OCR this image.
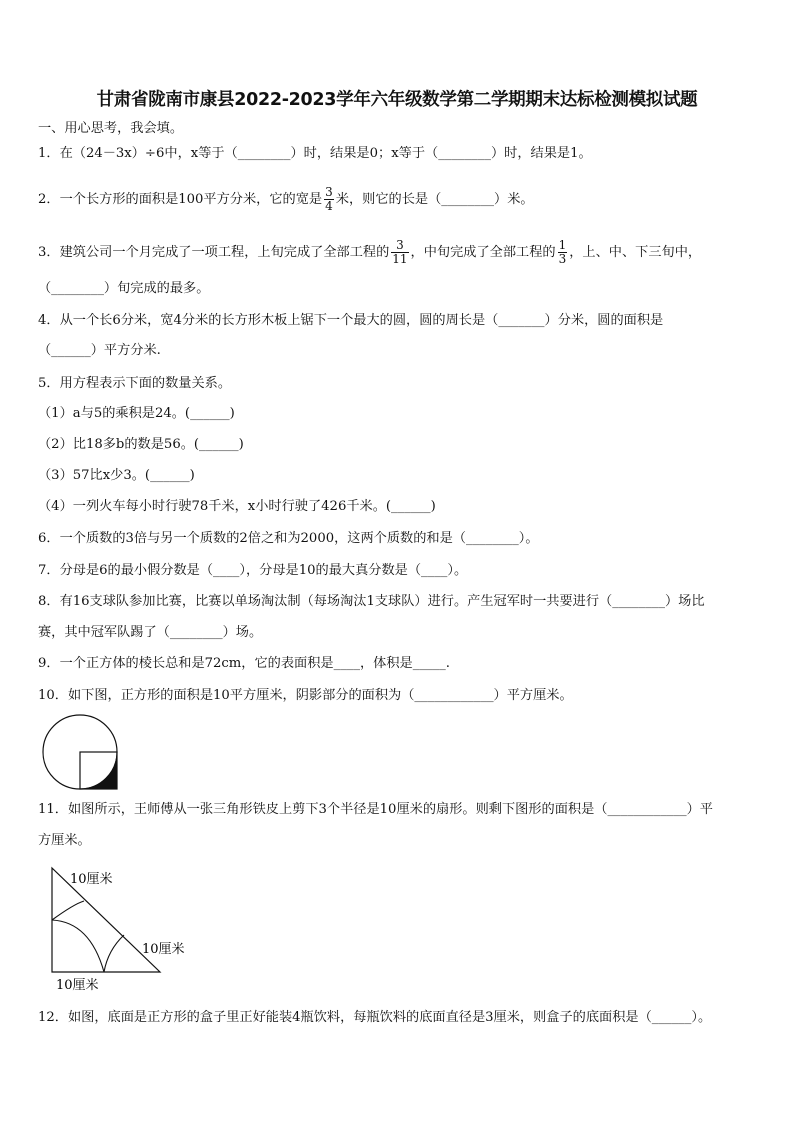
甘肃省陇南市康县2022-2023学年六年级数学第二学期期末达标检测模拟试题
一、用心思考，我会填。
1．在（24－3x）÷6中，x等于（________）时，结果是0；x等于（________）时，结果是1。
2．一个长方形的面积是100平方分米，它的宽是 $\frac{3}{4}$ 米，则它的长是（________）米。
3．建筑公司一个月完成了一项工程，上旬完成了全部工程的 $\frac{3}{11}$ ，中旬完成了全部工程的 $\frac{1}{3}$ ，上、中、下三旬中，
（________）旬完成的最多。
4．从一个长6分米，宽4分米的长方形木板上锯下一个最大的圆，圆的周长是（_______）分米，圆的面积是
（______）平方分米.
5．用方程表示下面的数量关系。
（1）a与5的乘积是24。(______)
（2）比18多b的数是56。(______)
（3）57比x少3。(______)
（4）一列火车每小时行驶78千米，x小时行驶了426千米。(______)
6．一个质数的3倍与另一个质数的2倍之和为2000，这两个质数的和是（________）。
7．分母是6的最小假分数是（____），分母是10的最大真分数是（____）。
8．有16支球队参加比赛，比赛以单场淘汰制（每场淘汰1支球队）进行。产生冠军时一共要进行（________）场比
赛，其中冠军队踢了（________）场。
9．一个正方体的棱长总和是72cm，它的表面积是____，体积是_____.
10．如下图，正方形的面积是10平方厘米，阴影部分的面积为（____________）平方厘米。
11．如图所示，王师傅从一张三角形铁皮上剪下3个半径是10厘米的扇形。则剩下图形的面积是（____________）平
方厘米。
10厘米
10厘米
10厘米
12．如图，底面是正方形的盒子里正好能装4瓶饮料，每瓶饮料的底面直径是3厘米，则盒子的底面积是（______）。
